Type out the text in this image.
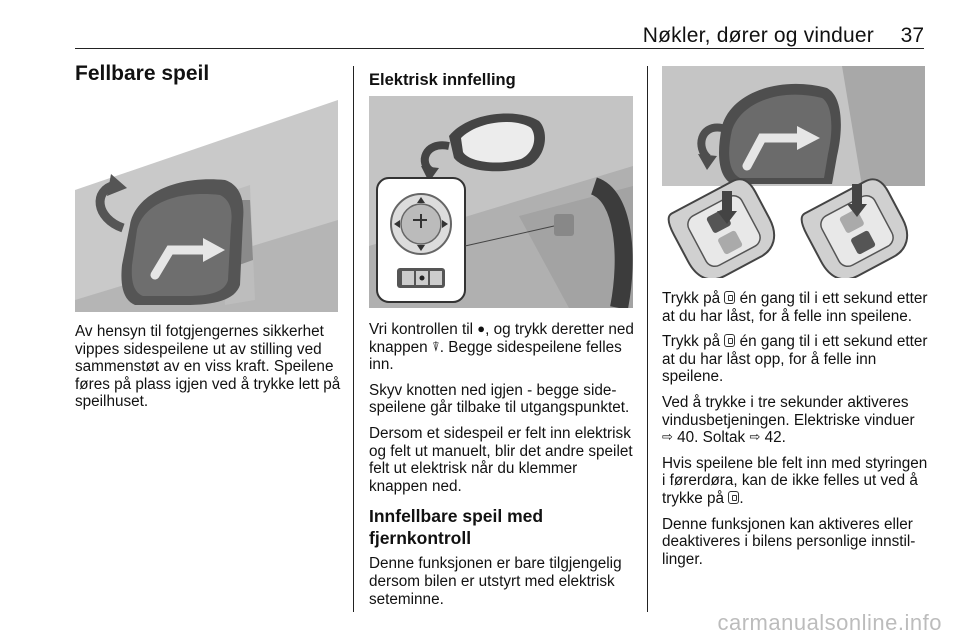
Nøkler, dører og vinduer 37
Fellbare speil

Av hensyn til fotgjengernes sikkerhet vippes sidespeilene ut av stilling ved sammenstøt av en viss kraft. Speilene føres på plass igjen ved å trykke lett på speilhuset.

Elektrisk innfelling

Vri kontrollen til ●, og trykk deretter ned knappen ⍒. Begge sidespeilene felles inn.

Skyv knotten ned igjen - begge sidespeilene går tilbake til utgangspunktet.

Dersom et sidespeil er felt inn elektrisk og felt ut manuelt, blir det andre speilet felt ut elektrisk når du klemmer knappen ned.

Innfellbare speil med fjernkontroll

Denne funksjonen er bare tilgjengelig dersom bilen er utstyrt med elektrisk seteminne.

Trykk på  én gang til i ett sekund etter at du har låst, for å felle inn speilene.

Trykk på  én gang til i ett sekund etter at du har låst opp, for å felle inn speilene.

Ved å trykke i tre sekunder aktiveres vindusbetjeningen. Elektriske vinduer ⇨ 40. Soltak ⇨ 42.

Hvis speilene ble felt inn med styringen i førerdøra, kan de ikke felles ut ved å trykke på .

Denne funksjonen kan aktiveres eller deaktiveres i bilens personlige innstillinger.

carmanualsonline.info
